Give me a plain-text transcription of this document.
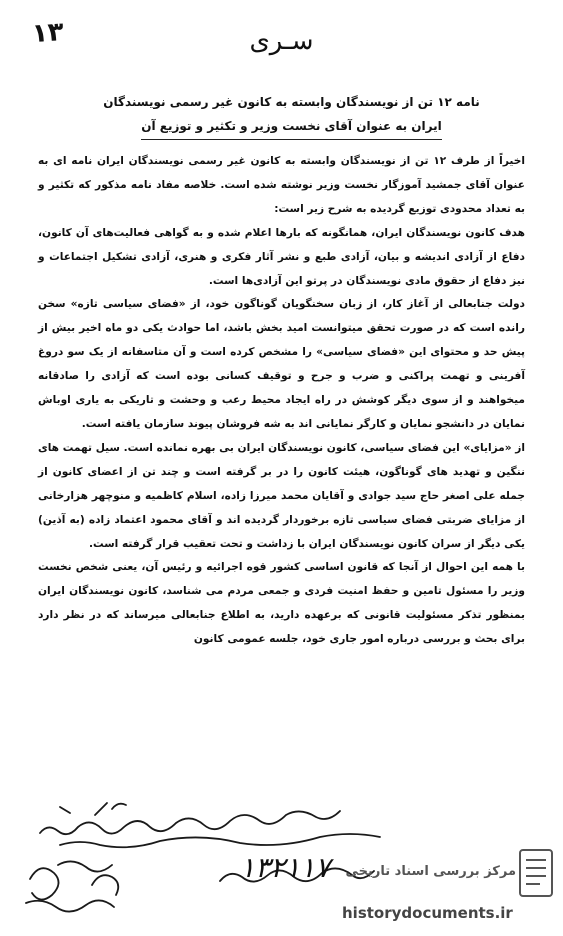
۱۳	سـری
نامه ۱۲ تن از نویسندگان وابسته به کانون غیر رسمی نویسندگان
ایران به عنوان آقای نخست وزیر و تکثیر و توزیع آن

اخیراً از طرف ۱۲ تن از نویسندگان وابسته به کانون غیر رسمی نویسندگان ایران نامه ای به عنوان آقای جمشید آموزگار نخست وزیر نوشته شده است. خلاصه مفاد نامه مذکور که تکثیر و به تعداد محدودی توزیع گردیده به شرح زیر است:

هدف کانون نویسندگان ایران، همانگونه که بارها اعلام شده و به گواهی فعالیت‌های آن کانون، دفاع از آزادی اندیشه و بیان، آزادی طبع و نشر آثار فکری و هنری، آزادی تشکیل اجتماعات و نیز دفاع از حقوق مادی نویسندگان در پرتو این آزادی‌ها است.

دولت جنابعالی از آغاز کار، از زبان سخنگویان گوناگون خود، از «فضای سیاسی تازه» سخن رانده است که در صورت تحقق میتوانست امید بخش باشد، اما حوادث یکی دو ماه اخیر بیش از پیش حد و محتوای این «فضای سیاسی» را مشخص کرده است و آن متاسفانه از یک سو دروغ آفرینی و تهمت پراکنی و ضرب و جرح و توقیف کسانی بوده است که آزادی را صادقانه میخواهند و از سوی دیگر کوشش در راه ایجاد محیط رعب و وحشت و تاریکی به یاری اوباش نمایان در دانشجو نمایان و کارگر نمایانی اند به شه فروشان پیوند سازمان یافته است.

از «مزایای» این فضای سیاسی، کانون نویسندگان ایران بی بهره نمانده است. سیل تهمت های ننگین و تهدید های گوناگون، هیئت کانون را در بر گرفته است و چند تن از اعضای کانون از جمله علی اصغر حاج سید جوادی و آقایان محمد میرزا زاده، اسلام کاظمیه و منوچهر هزارخانی از مزایای ضربتی فضای سیاسی تازه برخوردار گردیده اند و آقای محمود اعتماد زاده (به آذین) یکی دیگر از سران کانون نویسندگان ایران با زداشت و تحت تعقیب قرار گرفته است.

با همه این احوال از آنجا که قانون اساسی کشور قوه اجرائیه و رئیس آن، یعنی شخص نخست وزیر را مسئول تامین و حفظ امنیت فردی و جمعی مردم می شناسد، کانون نویسندگان ایران بمنظور تذکر مسئولیت قانونی که برعهده دارید، به اطلاع جنابعالی میرساند که در نظر دارد برای بحث و بررسی درباره امور جاری خود، جلسه عمومی کانون

۱۳۲۱۱۷	مرکز بررسی اسناد تاریخی
historydocuments.ir
